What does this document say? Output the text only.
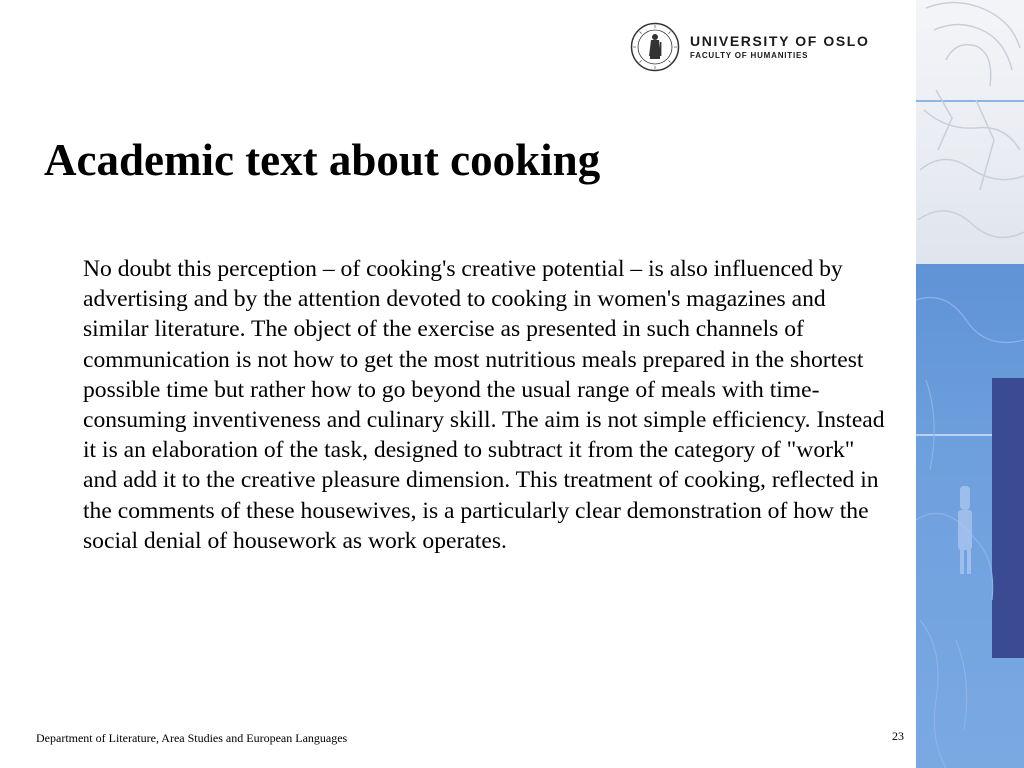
UNIVERSITY OF OSLO
FACULTY OF HUMANITIES
Academic text about cooking

No doubt this perception – of cooking's creative potential – is also influenced by advertising and by the attention devoted to cooking in women's magazines and similar literature. The object of the exercise as presented in such channels of communication is not how to get the most nutritious meals prepared in the shortest possible time but rather how to go beyond the usual range of meals with time-consuming inventiveness and culinary skill. The aim is not simple efficiency. Instead it is an elaboration of the task, designed to subtract it from the category of "work" and add it to the creative pleasure dimension. This treatment of cooking, reflected in the comments of these housewives, is a particularly clear demonstration of how the social denial of housework as work operates.

Department of Literature, Area Studies and European Languages	23
